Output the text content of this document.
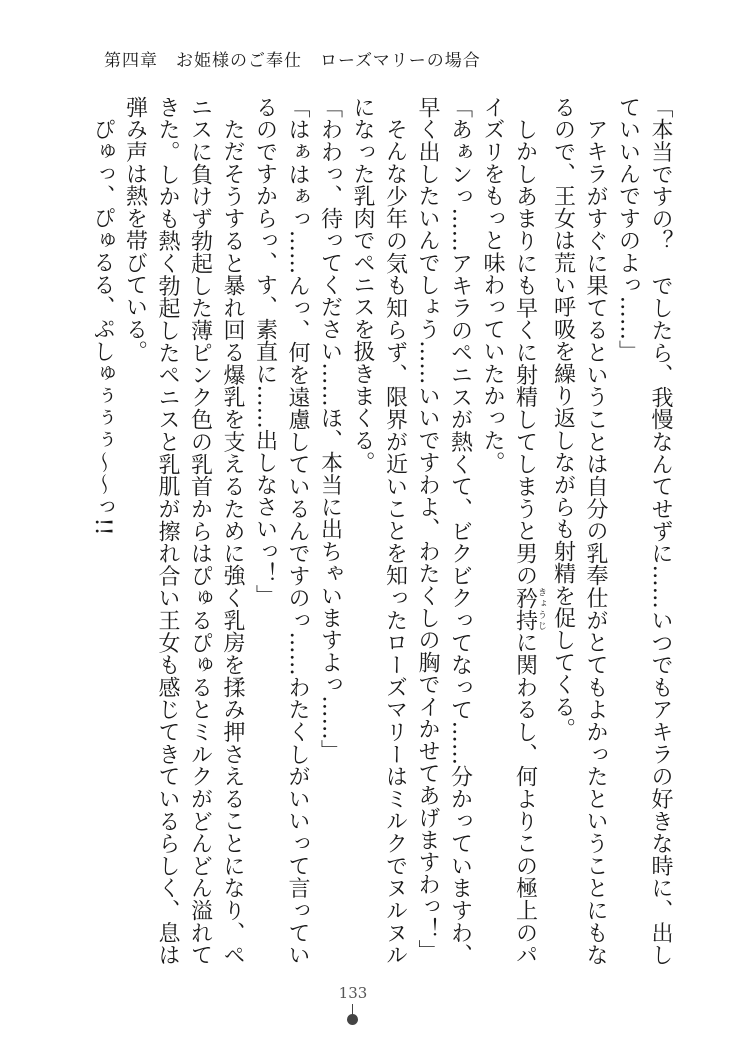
第四章　お姫様のご奉仕　ローズマリーの場合

「本当ですの？　でしたら、我慢なんてせずに……いつでもアキラの好きな時に、出していいんですのよっ……」

アキラがすぐに果てるということは自分の乳奉仕がとてもよかったということにもなるので、王女は荒い呼吸を繰り返しながらも射精を促してくる。

しかしあまりにも早くに射精してしまうと男の矜持きょうじに関わるし、何よりこの極上のパイズリをもっと味わっていたかった。

「あぁンっ……アキラのペニスが熱くて、ビクビクってなって……分かっていますわ、早く出したいんでしょう……いいですわよ、わたくしの胸でイかせてあげますわっ！」

そんな少年の気も知らず、限界が近いことを知ったローズマリーはミルクでヌルヌルになった乳肉でペニスを扱きまくる。

「わわっ、待ってください……ほ、本当に出ちゃいますよっ……」

「はぁはぁっ……んっ、何を遠慮しているんですのっ……わたくしがいいって言っているのですからっ、す、素直に……出しなさいっ！」

ただそうすると暴れ回る爆乳を支えるために強く乳房を揉み押さえることになり、ペニスに負けず勃起した薄ピンク色の乳首からはぴゅるぴゅるとミルクがどんどん溢れてきた。しかも熱く勃起したペニスと乳肌が擦れ合い王女も感じてきているらしく、息は弾み声は熱を帯びている。

ぴゅっ、ぴゅるる、ぷしゅぅぅぅ〜〜っ!!

133
